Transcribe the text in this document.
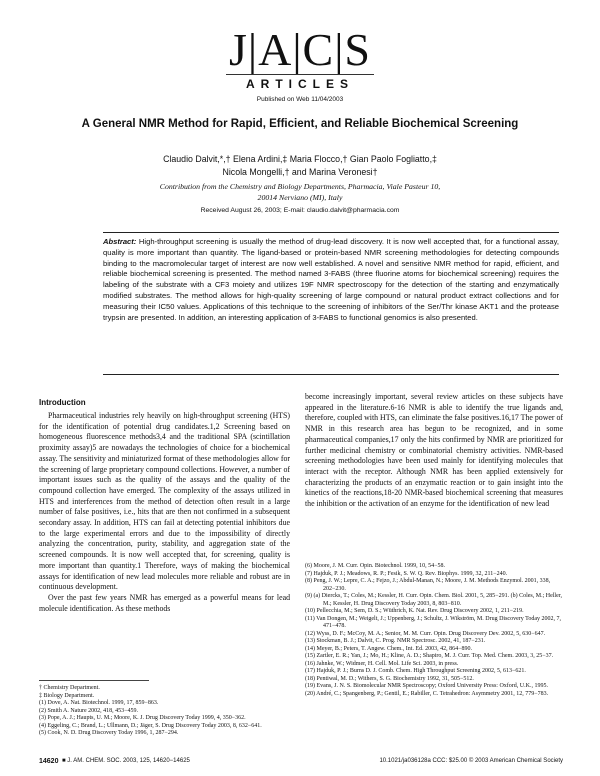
J|A|C|S
ARTICLES
Published on Web 11/04/2003
A General NMR Method for Rapid, Efficient, and Reliable Biochemical Screening
Claudio Dalvit,*,† Elena Ardini,‡ Maria Flocco,† Gian Paolo Fogliatto,‡
Nicola Mongelli,† and Marina Veronesi†
Contribution from the Chemistry and Biology Departments, Pharmacia, Viale Pasteur 10,
20014 Nerviano (MI), Italy
Received August 26, 2003; E-mail: claudio.dalvit@pharmacia.com
Abstract: High-throughput screening is usually the method of drug-lead discovery. It is now well accepted that, for a functional assay, quality is more important than quantity. The ligand-based or protein-based NMR screening methodologies for detecting compounds binding to the macromolecular target of interest are now well established. A novel and sensitive NMR method for rapid, efficient, and reliable biochemical screening is presented. The method named 3-FABS (three fluorine atoms for biochemical screening) requires the labeling of the substrate with a CF3 moiety and utilizes 19F NMR spectroscopy for the detection of the starting and enzymatically modified substrates. The method allows for high-quality screening of large compound or natural product extract collections and for measuring their IC50 values. Applications of this technique to the screening of inhibitors of the Ser/Thr kinase AKT1 and the protease trypsin are presented. In addition, an interesting application of 3-FABS to functional genomics is also presented.
Introduction

Pharmaceutical industries rely heavily on high-throughput screening (HTS) for the identification of potential drug candidates.1,2 Screening based on homogeneous fluorescence methods3,4 and the traditional SPA (scintillation proximity assay)5 are nowadays the technologies of choice for a biochemical assay. The sensitivity and miniaturized format of these methodologies allow for the screening of large proprietary compound collections. However, a number of important issues such as the quality of the assays and the quality of the compound collection have emerged. The complexity of the assays utilized in HTS and interferences from the method of detection often result in a large number of false positives, i.e., hits that are then not confirmed in a subsequent secondary assay. In addition, HTS can fail at detecting potential inhibitors due to the large experimental errors and due to the impossibility of directly analyzing the concentration, purity, stability, and aggregation state of the screened compounds. It is now well accepted that, for screening, quality is more important than quantity.1 Therefore, ways of making the biochemical assays for identification of new lead molecules more reliable and robust are in continuous development.

Over the past few years NMR has emerged as a powerful means for lead molecule identification. As these methods

become increasingly important, several review articles on these subjects have appeared in the literature.6-16 NMR is able to identify the true ligands and, therefore, coupled with HTS, can eliminate the false positives.16,17 The power of NMR in this research area has begun to be recognized, and in some pharmaceutical companies,17 only the hits confirmed by NMR are prioritized for further medicinal chemistry or combinatorial chemistry activities. NMR-based screening methodologies have been used mainly for identifying molecules that interact with the receptor. Although NMR has been applied extensively for characterizing the products of an enzymatic reaction or to gain insight into the kinetics of the reactions,18-20 NMR-based biochemical screening that measures the inhibition or the activation of an enzyme for the identification of new lead

† Chemistry Department.
‡ Biology Department.
(1) Dove, A. Nat. Biotechnol. 1999, 17, 859−863.
(2) Smith A. Nature 2002, 418, 453−459.
(3) Pope, A. J.; Haupts, U. M.; Moore, K. J. Drug Discovery Today 1999, 4, 350−362.
(4) Eggeling, C.; Brand, L.; Ullmann, D.; Jäger, S. Drug Discovery Today 2003, 8, 632−641.
(5) Cook, N. D. Drug Discovery Today 1996, 1, 287−294.
(6) Moore, J. M. Curr. Opin. Biotechnol. 1999, 10, 54−58.
(7) Hajduk, P. J.; Meadows, R. P.; Fesik, S. W. Q. Rev. Biophys. 1999, 32, 211−240.
(8) Peng, J. W.; Lepre, C. A.; Fejzo, J.; Abdul-Manan, N.; Moore, J. M. Methods Enzymol. 2001, 338, 202−230.
(9) (a) Diercks, T.; Coles, M.; Kessler, H. Curr. Opin. Chem. Biol. 2001, 5, 285−291. (b) Coles, M.; Heller, M.; Kessler, H. Drug Discovery Today 2003, 8, 803−810.
(10) Pellecchia, M.; Sem, D. S.; Wüthrich, K. Nat. Rev. Drug Discovery 2002, 1, 211−219.
(11) Van Dongen, M.; Weigelt, J.; Uppenberg, J.; Schultz, J. Wikström, M. Drug Discovery Today 2002, 7, 471−478.
(12) Wyss, D. F.; McCoy, M. A.; Senior, M. M. Curr. Opin. Drug Discovery Dev. 2002, 5, 630−647.
(13) Stockman, B. J.; Dalvit, C. Prog. NMR Spectrosc. 2002, 41, 187−231.
(14) Meyer, B.; Peters, T. Angew. Chem., Int. Ed. 2003, 42, 864−890.
(15) Zartler, E. R.; Yan, J.; Mo, H.; Kline, A. D.; Shapiro, M. J. Curr. Top. Med. Chem. 2003, 3, 25−37.
(16) Jahnke, W.; Widmer, H. Cell. Mol. Life Sci. 2003, in press.
(17) Hajduk, P. J.; Burns D. J. Comb. Chem. High Throughput Screening 2002, 5, 613−621.
(18) Pentiwal, M. D.; Withers, S. G. Biochemistry 1992, 31, 505−512.
(19) Evans, J. N. S. Biomolecular NMR Spectroscopy; Oxford University Press: Oxford, U.K., 1995.
(20) André, C.; Spangenberg, P.; Gentil, E.; Rabiller, C. Tetrahedron: Asymmetry 2001, 12, 779−783.
14620 ■ J. AM. CHEM. SOC. 2003, 125, 14620−14625	10.1021/ja036128a CCC: $25.00 © 2003 American Chemical Society
